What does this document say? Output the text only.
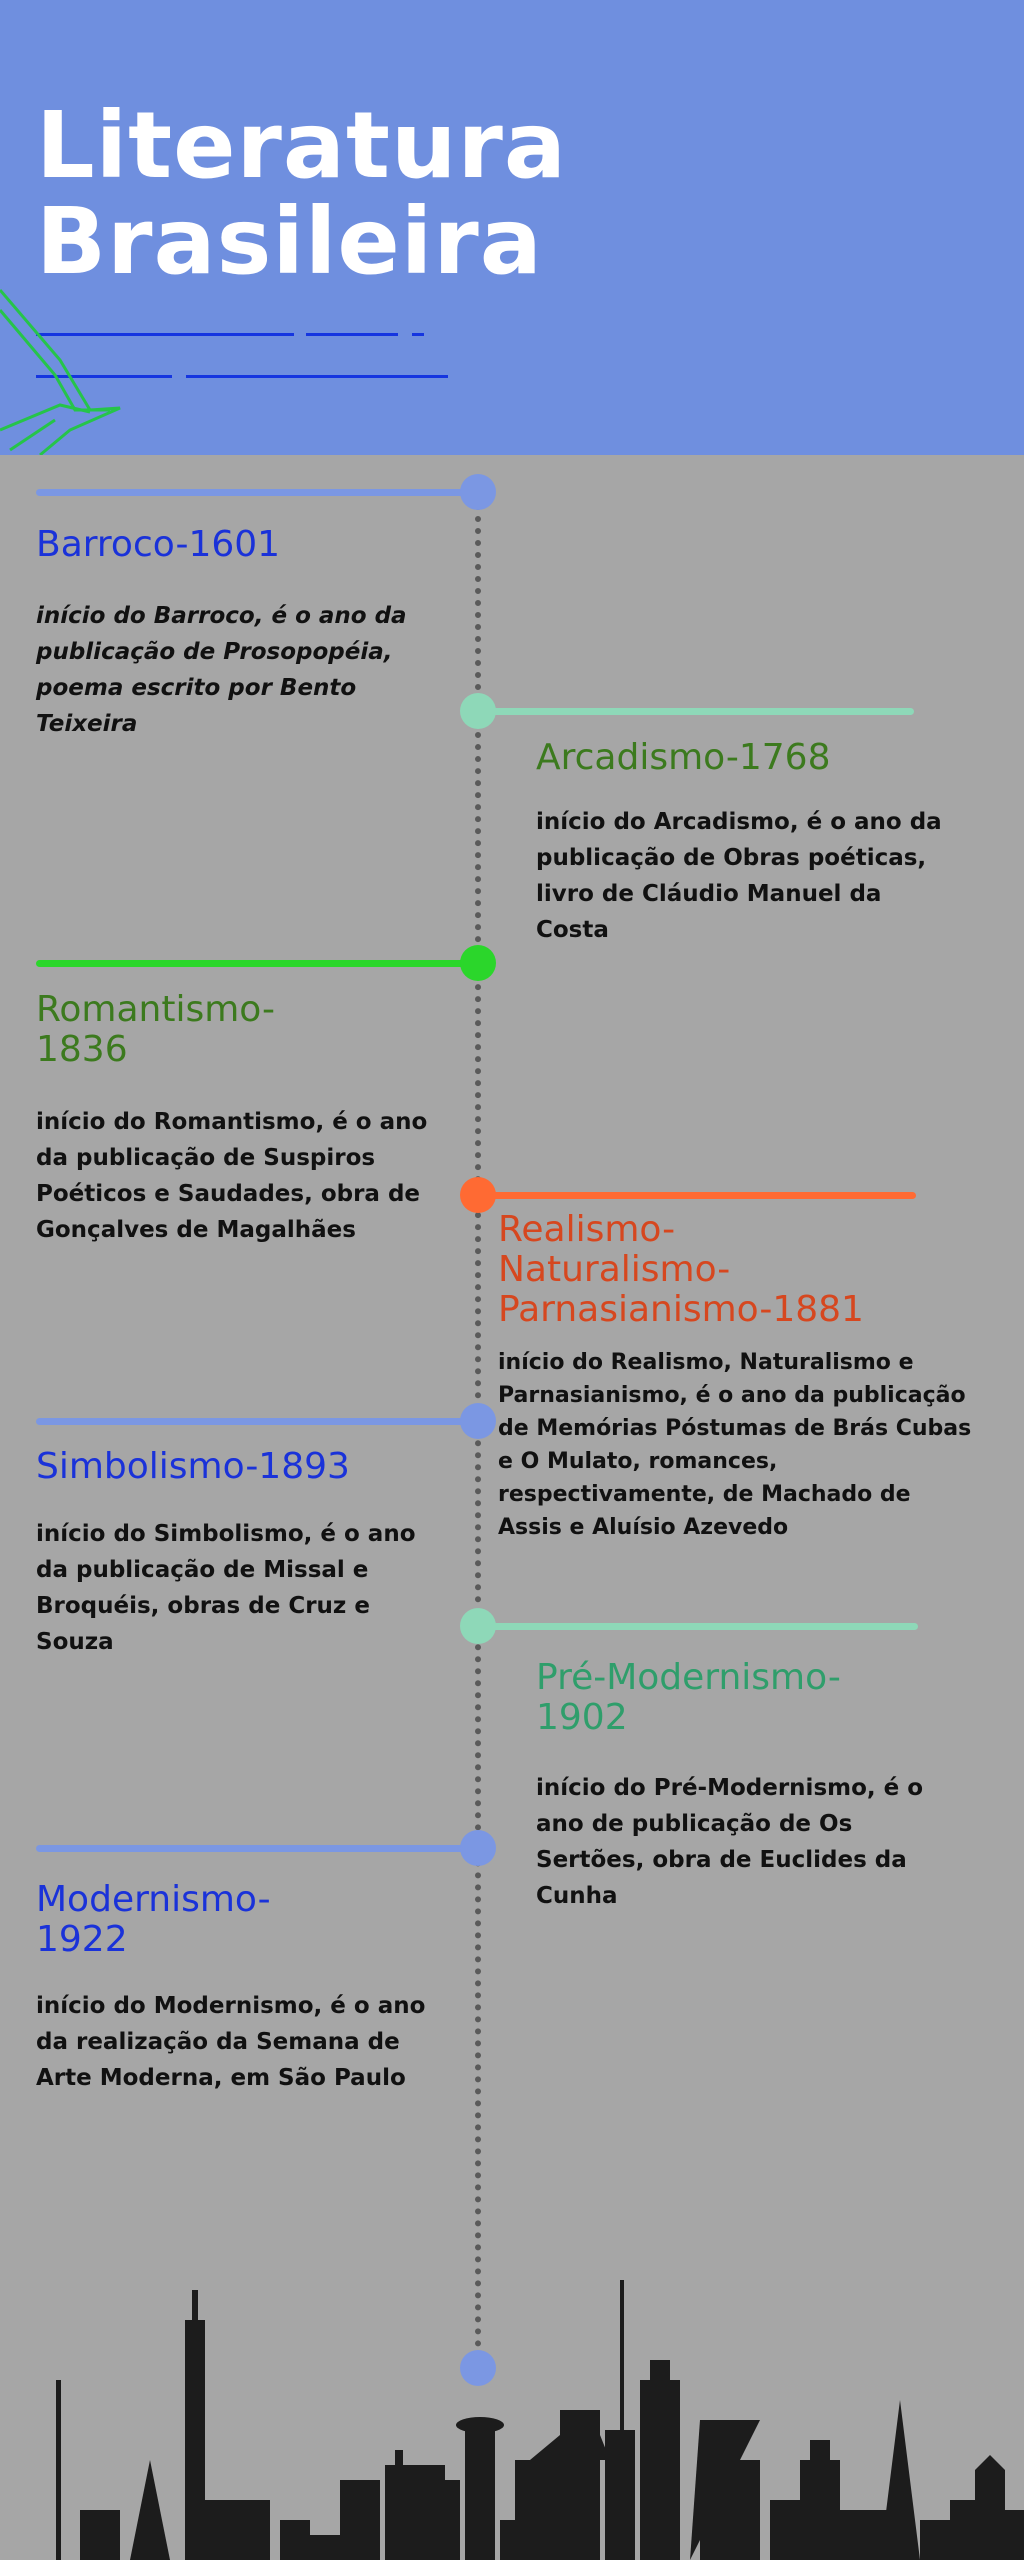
Literatura
Brasileira
Barroco-1601

início do Barroco, é o ano da publicação de Prosopopéia, poema escrito por Bento Teixeira

Arcadismo-1768

início do Arcadismo, é o ano da publicação de Obras poéticas, livro de Cláudio Manuel da Costa

Romantismo-
1836

início do Romantismo, é o ano da publicação de Suspiros Poéticos e Saudades, obra de Gonçalves de Magalhães	Realismo-
Naturalismo-
Parnasianismo-1881

início do Realismo, Naturalismo e Parnasianismo, é o ano da publicação de Memórias Póstumas de Brás Cubas e O Mulato, romances, respectivamente, de Machado de Assis e Aluísio Azevedo

Simbolismo-1893

início do Simbolismo, é o ano da publicação de Missal e Broquéis, obras de Cruz e Souza

Pré-Modernismo-
1902

início do Pré-Modernismo, é o ano de publicação de Os Sertões, obra de Euclides da Cunha

Modernismo-
1922

início do Modernismo, é o ano da realização da Semana de Arte Moderna, em São Paulo
